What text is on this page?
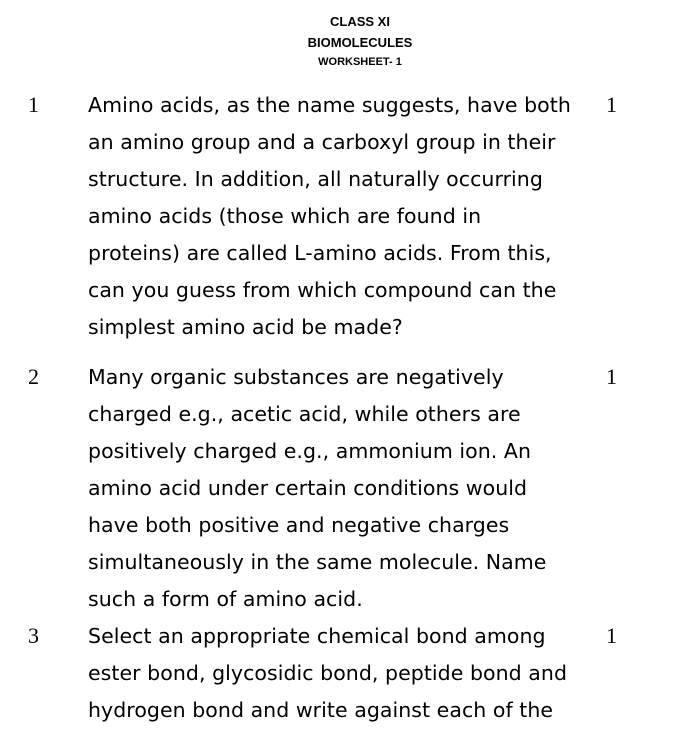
CLASS XI
BIOMOLECULES
WORKSHEET- 1
1 Amino acids, as the name suggests, have both
an amino group and a carboxyl group in their
structure. In addition, all naturally occurring
amino acids (those which are found in
proteins) are called L-amino acids. From this,
can you guess from which compound can the
simplest amino acid be made?
1
2 Many organic substances are negatively
charged e.g., acetic acid, while others are
positively charged e.g., ammonium ion. An
amino acid under certain conditions would
have both positive and negative charges
simultaneously in the same molecule. Name
such a form of amino acid.
1
3 Select an appropriate chemical bond among
ester bond, glycosidic bond, peptide bond and
hydrogen bond and write against each of the
1
